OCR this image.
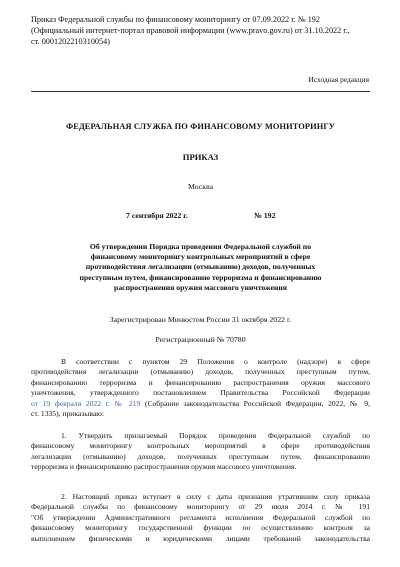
Приказ Федеральной службы по финансовому мониторингу от 07.09.2022 г. № 192
(Официальный интернет-портал правовой информации (www.pravo.gov.ru) от 31.10.2022 г.,
ст. 0001202210310054)
Исходная редакция
ФЕДЕРАЛЬНАЯ СЛУЖБА ПО ФИНАНСОВОМУ МОНИТОРИНГУ
ПРИКАЗ
Москва
7 сентября 2022 г.	№ 192
Об утверждении Порядка проведения Федеральной службой по
финансовому мониторингу контрольных мероприятий в сфере
противодействия легализации (отмыванию) доходов, полученных
преступным путем, финансированию терроризма и финансированию
распространения оружия массового уничтожения
Зарегистрирован Минюстом России 31 октября 2022 г.
Регистрационный № 70780
В соответствии с пунктом 29 Положения о контроле (надзоре) в сфере
противодействия легализации (отмыванию) доходов, полученных преступным путем,
финансированию терроризма и финансированию распространения оружия массового
уничтожения, утвержденного постановлением Правительства Российской Федерации
от 19 февраля 2022 г. № 219 (Собрание законодательства Российской Федерации, 2022, № 9,
ст. 1335), приказываю:
1. Утвердить прилагаемый Порядок проведения Федеральной службой по
финансовому мониторингу контрольных мероприятий в сфере противодействия
легализации (отмыванию) доходов, полученных преступным путем, финансированию
терроризма и финансированию распространения оружия массового уничтожения.
2. Настоящий приказ вступает в силу с даты признания утратившим силу приказа
Федеральной службы по финансовому мониторингу от 29 июля 2014 г. № 191
"Об утверждении Административного регламента исполнения Федеральной службой по
финансовому мониторингу государственной функции по осуществлению контроля за
выполнением физическими и юридическими лицами требований законодательства
